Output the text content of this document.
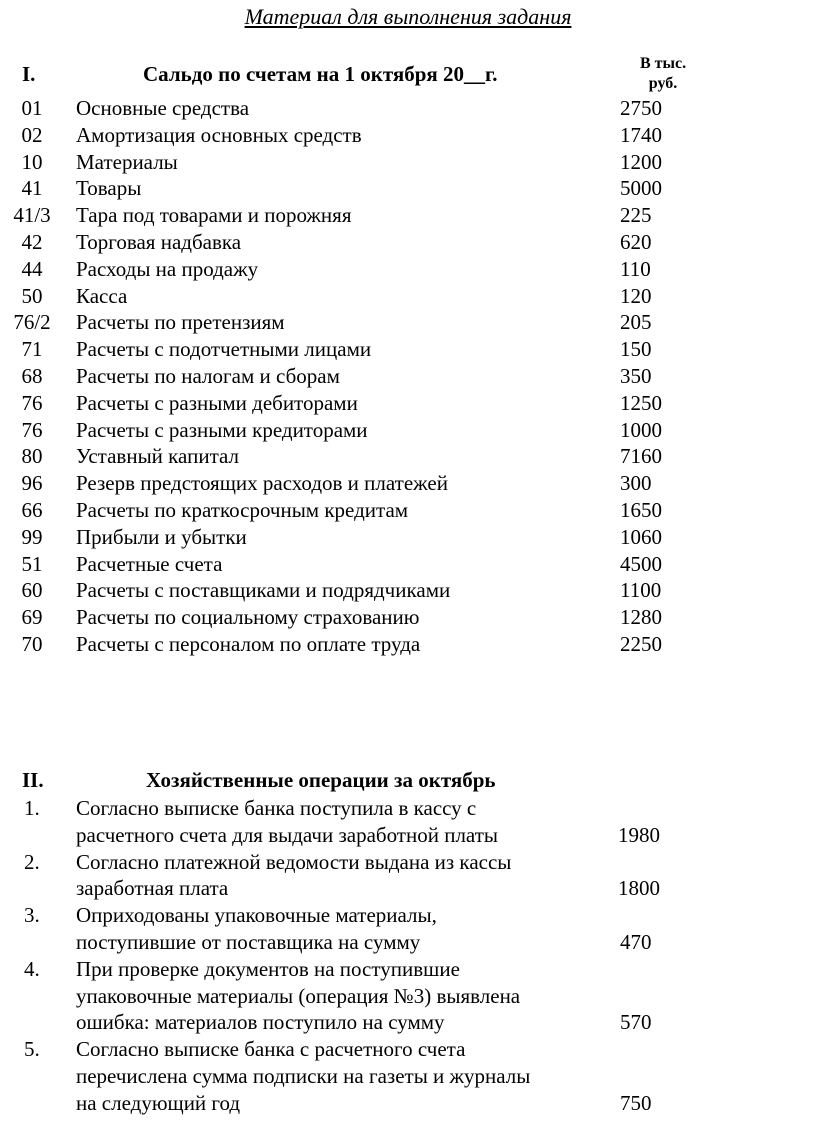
Материал для выполнения задания
I.	Сальдо по счетам на 1 октября 20__г.	В тыс.
руб.
01	Основные средства	2750
02	Амортизация основных средств	1740
10	Материалы	1200
41	Товары	5000
41/3 Тара под товарами и порожняя	225
42	Торговая надбавка	620
44	Расходы на продажу	110
50	Касса	120
76/2 Расчеты по претензиям	205
71	Расчеты с подотчетными лицами	150
68	Расчеты по налогам и сборам	350
76	Расчеты с разными дебиторами	1250
76	Расчеты с разными кредиторами	1000
80	Уставный капитал	7160
96	Резерв предстоящих расходов и платежей	300
66	Расчеты по краткосрочным кредитам	1650
99	Прибыли и убытки	1060
51	Расчетные счета	4500
60	Расчеты с поставщиками и подрядчиками	1100
69	Расчеты по социальному страхованию	1280
70	Расчеты с персоналом по оплате труда	2250
II.	Хозяйственные операции за октябрь
1. Согласно выписке банка поступила в кассу с
расчетного счета для выдачи заработной платы	1980
2. Согласно платежной ведомости выдана из кассы
заработная плата	1800
3. Оприходованы упаковочные материалы,
поступившие от поставщика на сумму	470
4. При проверке документов на поступившие
упаковочные материалы (операция №3) выявлена
ошибка: материалов поступило на сумму	570
5. Согласно выписке банка с расчетного счета
перечислена сумма подписки на газеты и журналы
на следующий год	750
